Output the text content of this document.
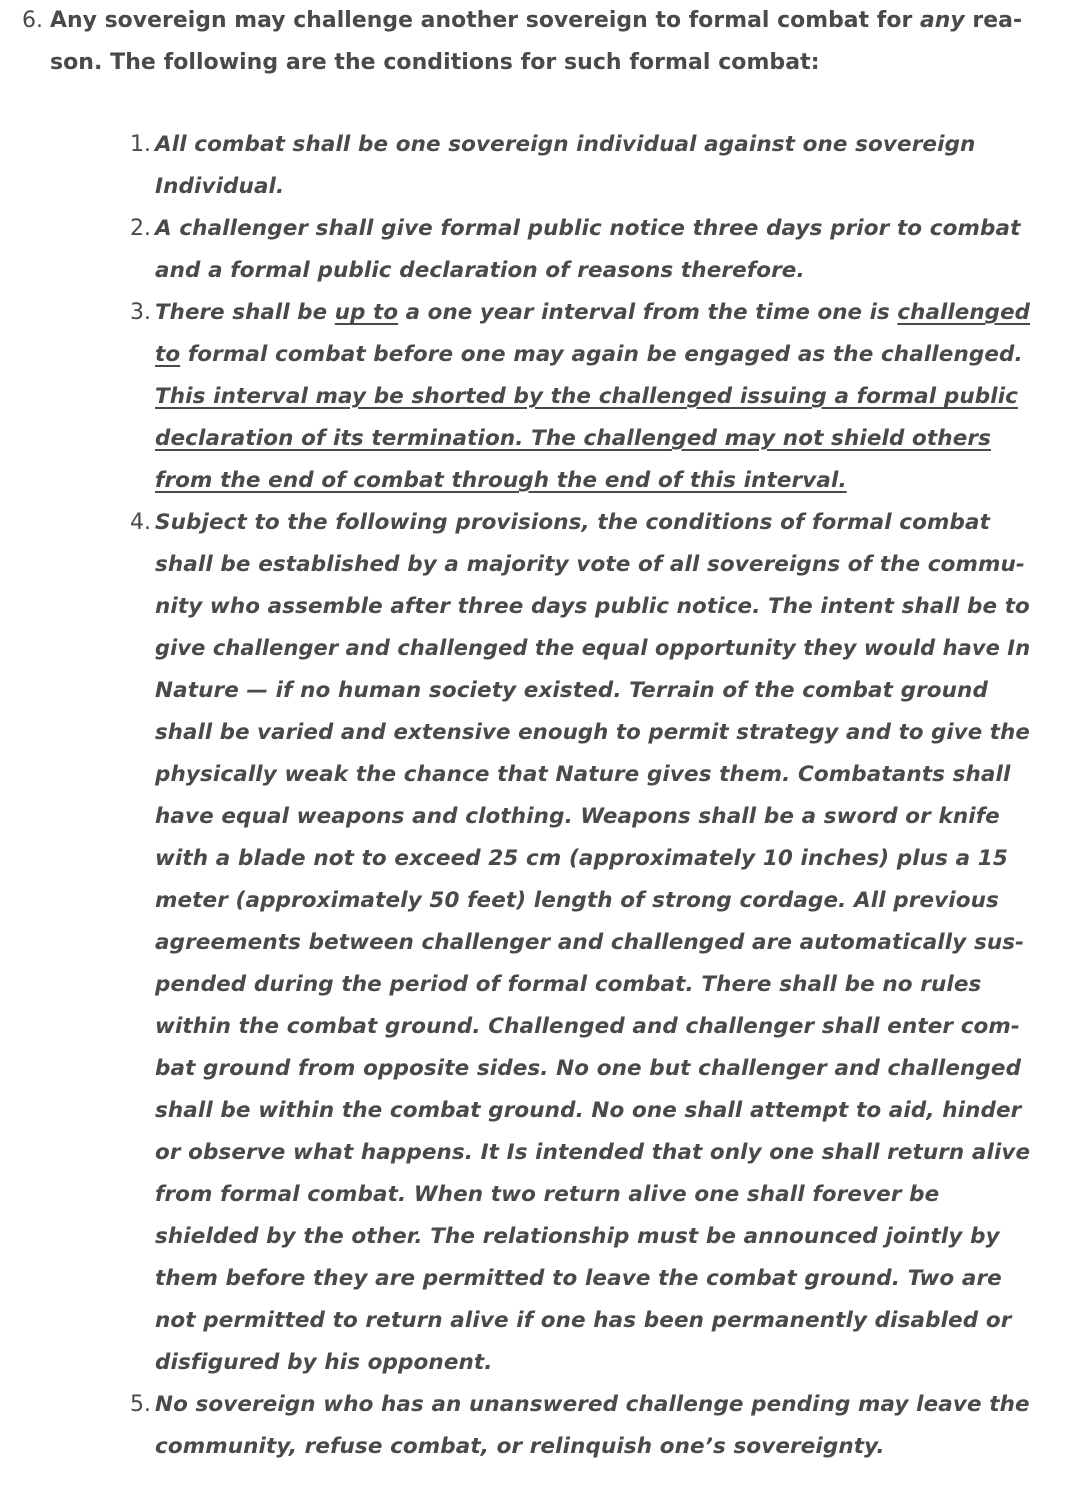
6. Any sovereign may challenge another sovereign to formal combat for any rea-
son. The following are the conditions for such formal combat:
1. All combat shall be one sovereign individual against one sovereign
Individual.
2. A challenger shall give formal public notice three days prior to combat
and a formal public declaration of reasons therefore.
3. There shall be up to a one year interval from the time one is challenged
to formal combat before one may again be engaged as the challenged.
This interval may be shorted by the challenged issuing a formal public
declaration of its termination. The challenged may not shield others
from the end of combat through the end of this interval.
4. Subject to the following provisions, the conditions of formal combat
shall be established by a majority vote of all sovereigns of the commu-
nity who assemble after three days public notice. The intent shall be to
give challenger and challenged the equal opportunity they would have In
Nature — if no human society existed. Terrain of the combat ground
shall be varied and extensive enough to permit strategy and to give the
physically weak the chance that Nature gives them. Combatants shall
have equal weapons and clothing. Weapons shall be a sword or knife
with a blade not to exceed 25 cm (approximately 10 inches) plus a 15
meter (approximately 50 feet) length of strong cordage. All previous
agreements between challenger and challenged are automatically sus-
pended during the period of formal combat. There shall be no rules
within the combat ground. Challenged and challenger shall enter com-
bat ground from opposite sides. No one but challenger and challenged
shall be within the combat ground. No one shall attempt to aid, hinder
or observe what happens. It Is intended that only one shall return alive
from formal combat. When two return alive one shall forever be
shielded by the other. The relationship must be announced jointly by
them before they are permitted to leave the combat ground. Two are
not permitted to return alive if one has been permanently disabled or
disfigured by his opponent.
5. No sovereign who has an unanswered challenge pending may leave the
community, refuse combat, or relinquish one’s sovereignty.
